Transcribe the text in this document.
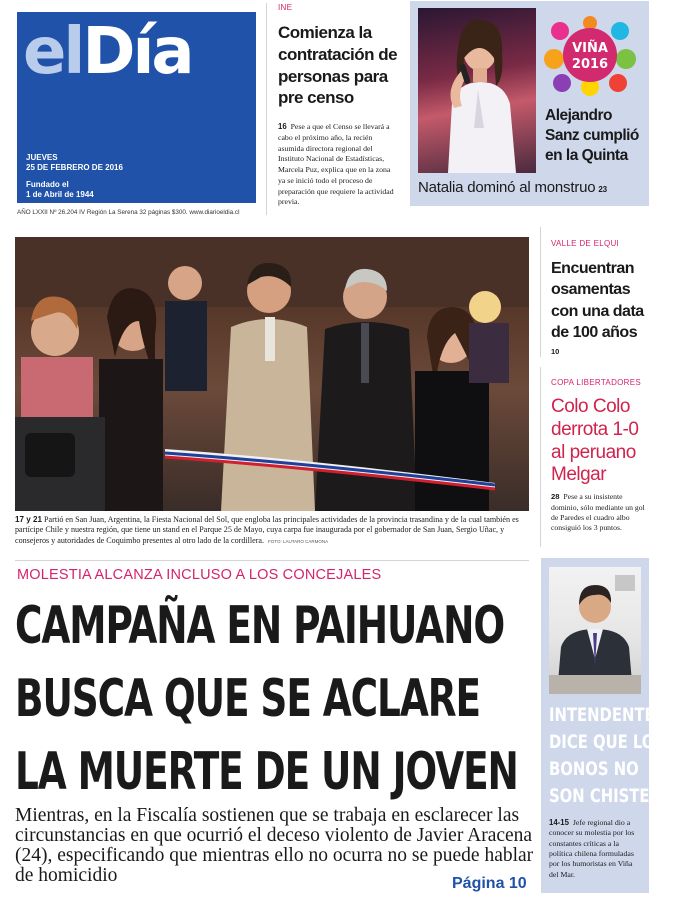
elDía
JUEVES
25 DE FEBRERO DE 2016
Fundado el
1 de Abril de 1944
AÑO LXXII Nº 26.204 IV Región La Serena 32 páginas $300. www.diarioeldia.cl
INE
Comienza la contratación de personas para pre censo
16 Pese a que el Censo se llevará a cabo el próximo año, la recién asumida directora regional del Instituto Nacional de Estadísticas, Marcela Puz, explica que en la zona ya se inició todo el proceso de preparación que requiere la actividad previa.
VIÑA
2016
Alejandro Sanz cumplió en la Quinta
Natalia dominó al monstruo 23
17 y 21 Partió en San Juan, Argentina, la Fiesta Nacional del Sol, que engloba las principales actividades de la provincia trasandina y de la cual también es partícipe Chile y nuestra región, que tiene un stand en el Parque 25 de Mayo, cuya carpa fue inaugurada por el gobernador de San Juan, Sergio Uñac, y consejeros y autoridades de Coquimbo presentes al otro lado de la cordillera. FOTO: LAUTARO CARMONA
VALLE DE ELQUI
Encuentran osamentas con una data de 100 años
10
COPA LIBERTADORES
Colo Colo derrota 1-0 al peruano Melgar
28 Pese a su insistente dominio, sólo mediante un gol de Paredes el cuadro albo consiguió los 3 puntos.
MOLESTIA ALCANZA INCLUSO A LOS CONCEJALES
CAMPAÑA EN PAIHUANO
BUSCA QUE SE ACLARE
LA MUERTE DE UN JOVEN
Mientras, en la Fiscalía sostienen que se trabaja en esclarecer las circunstancias en que ocurrió el deceso violento de Javier Aracena (24), especificando que mientras ello no ocurra no se puede hablar de homicidio	Página 10
INTENDENTE
DICE QUE LOS
BONOS NO
SON CHISTES
14-15 Jefe regional dio a conocer su molestia por los constantes críticas a la política chilena formuladas por los humoristas en Viña del Mar.
